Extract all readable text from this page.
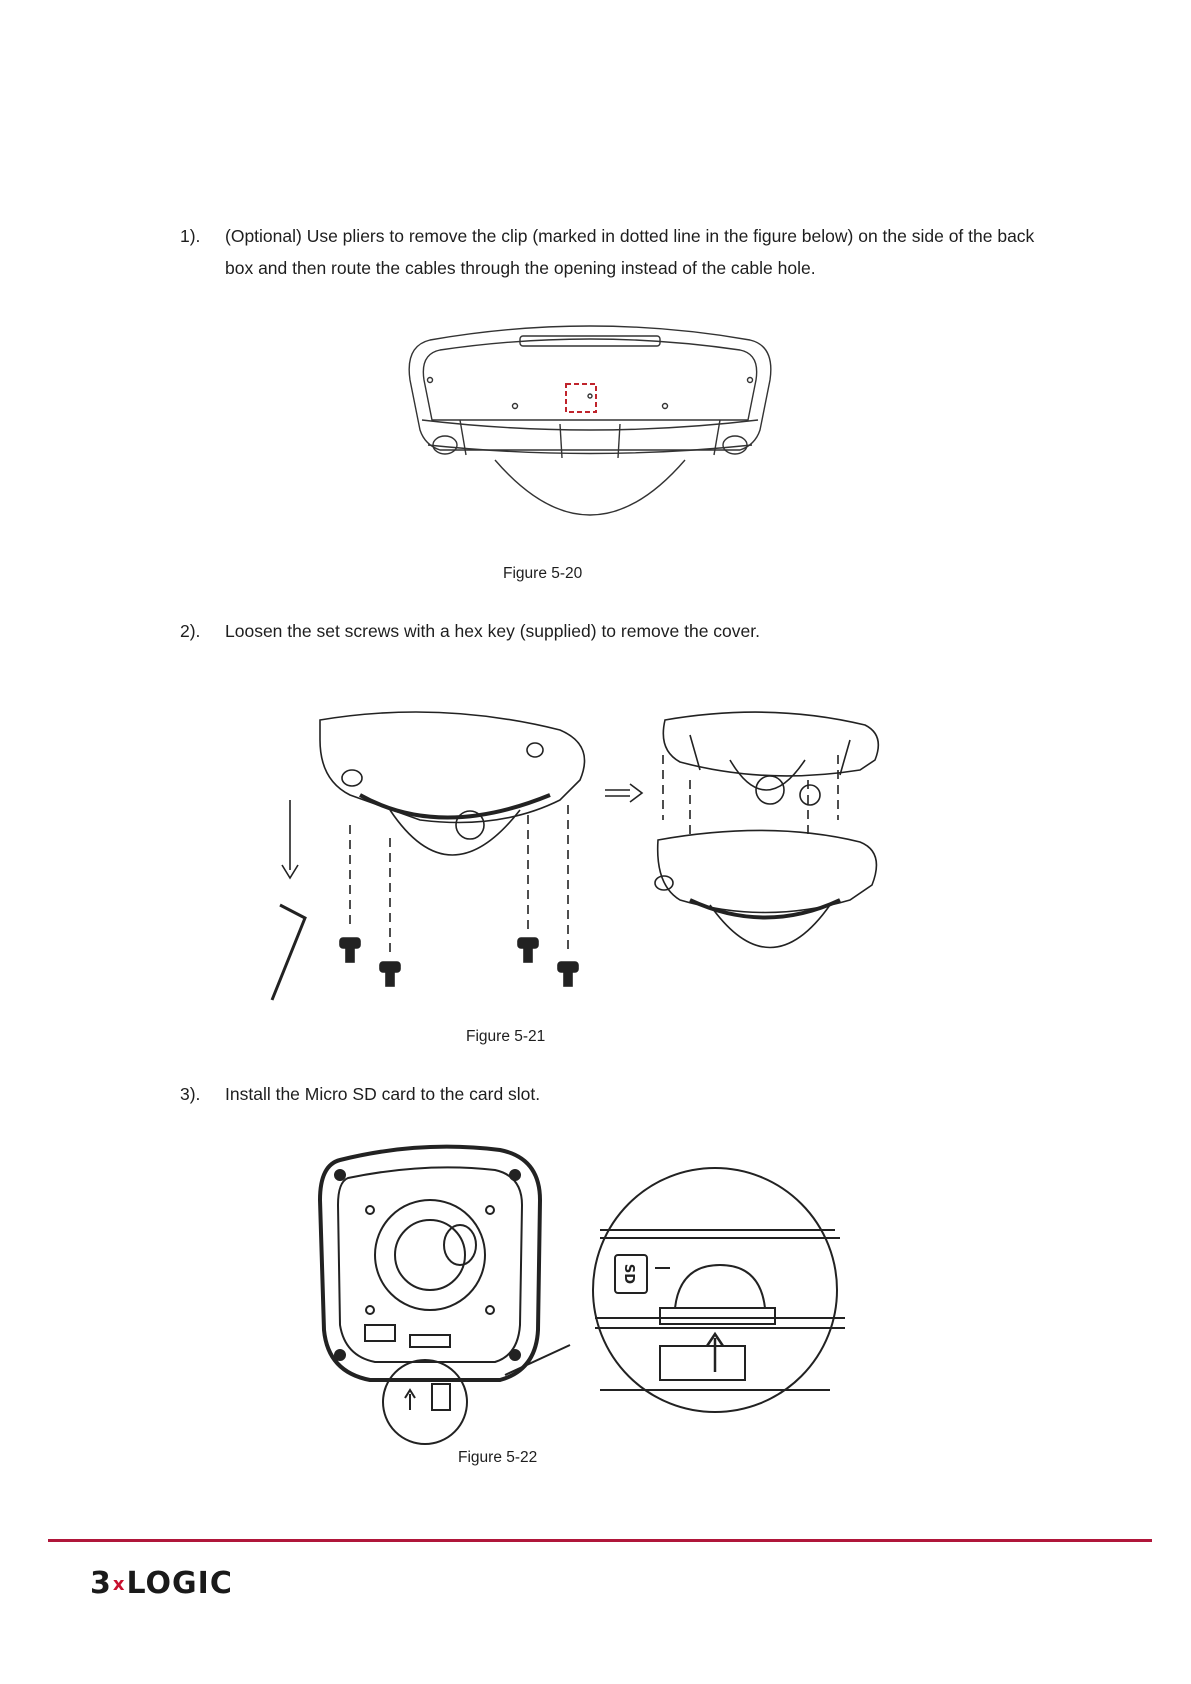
1). (Optional) Use pliers to remove the clip (marked in dotted line in the figure below) on the side of the back box and then route the cables through the opening instead of the cable hole.
Figure 5-20
2). Loosen the set screws with a hex key (supplied) to remove the cover.
Figure 5-21
3). Install the Micro SD card to the card slot.
SD
Figure 5-22
3xLOGIC
